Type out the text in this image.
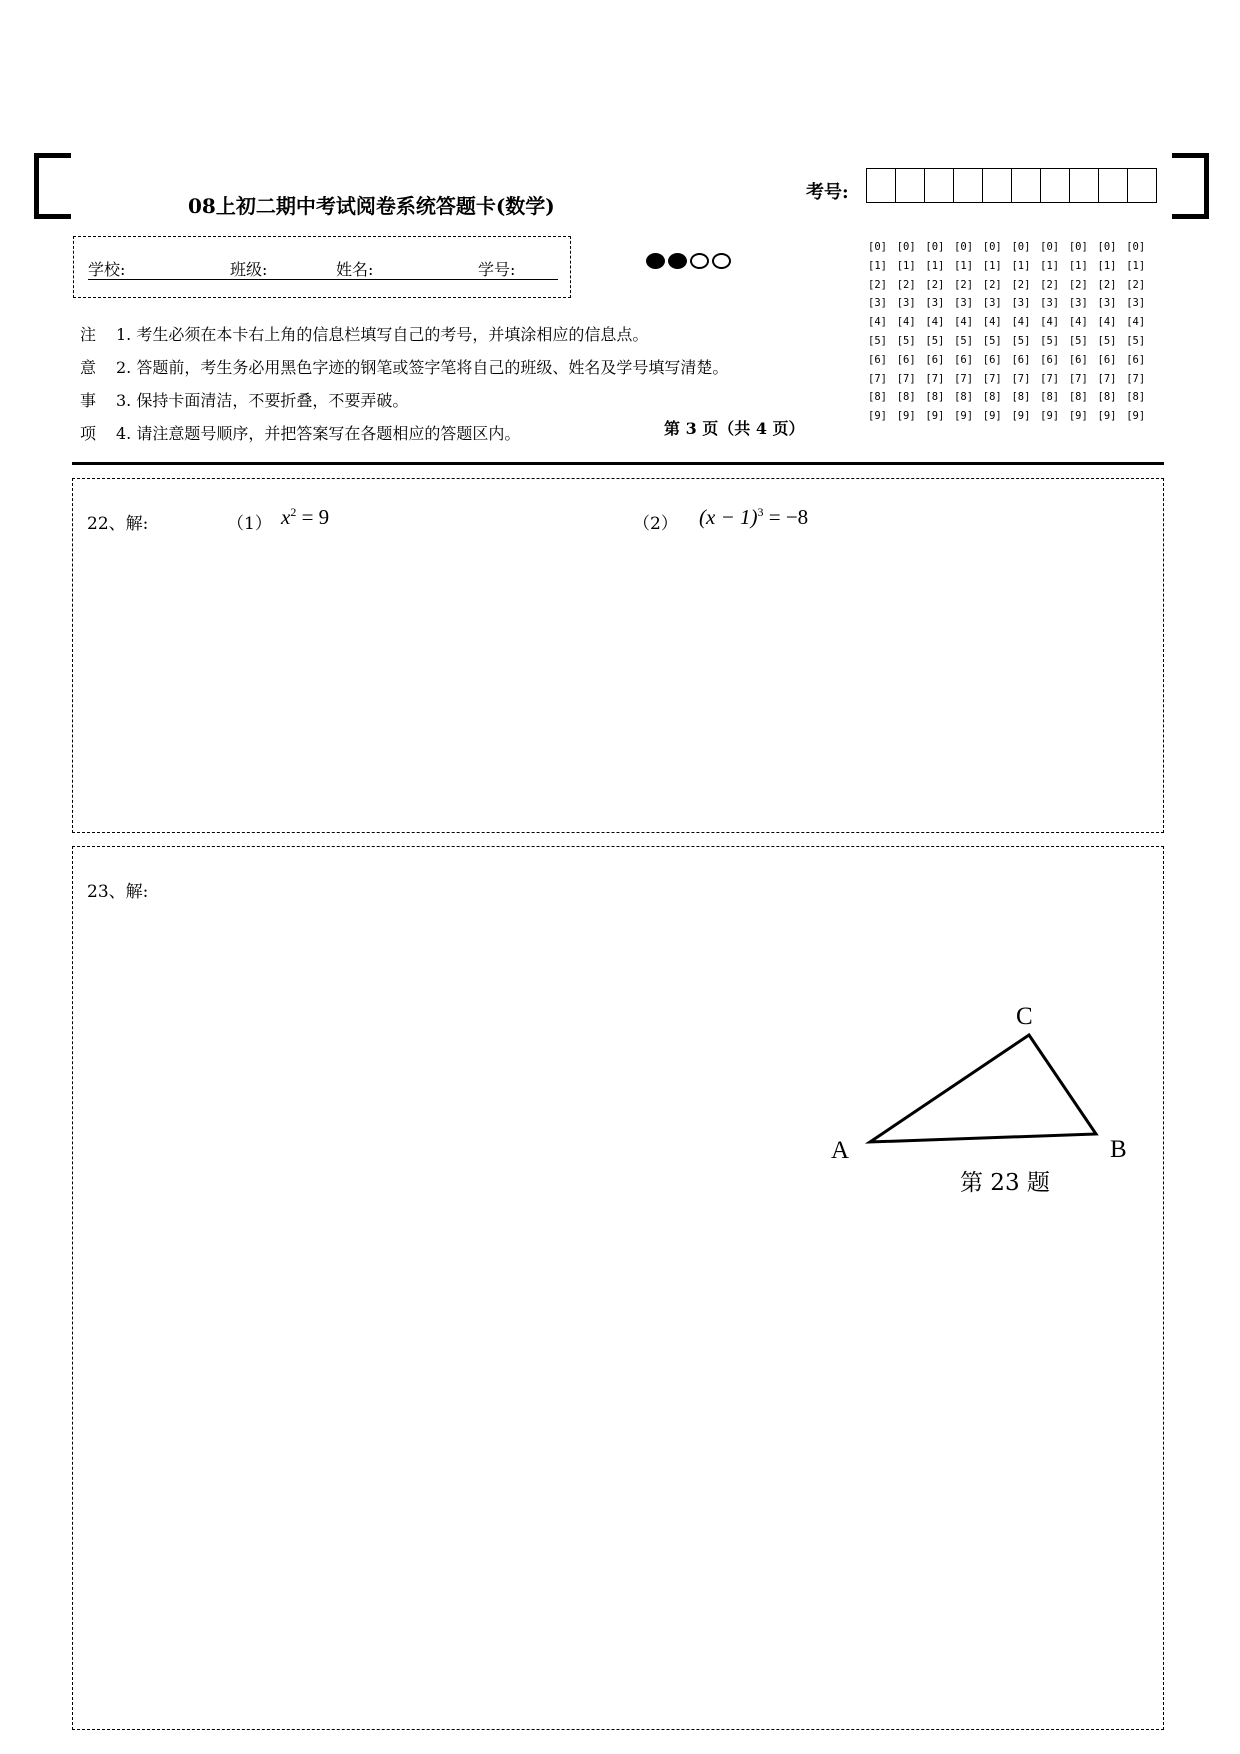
08上初二期中考试阅卷系统答题卡(数学)
考号:
学校:	班级:	姓名:	学号:
[0] [0] [0] [0] [0] [0] [0] [0] [0] [0]
[1] [1] [1] [1] [1] [1] [1] [1] [1] [1]
[2] [2] [2] [2] [2] [2] [2] [2] [2] [2]
[3] [3] [3] [3] [3] [3] [3] [3] [3] [3]
[4] [4] [4] [4] [4] [4] [4] [4] [4] [4]
[5] [5] [5] [5] [5] [5] [5] [5] [5] [5]
[6] [6] [6] [6] [6] [6] [6] [6] [6] [6]
[7] [7] [7] [7] [7] [7] [7] [7] [7] [7]
[8] [8] [8] [8] [8] [8] [8] [8] [8] [8]
[9] [9] [9] [9] [9] [9] [9] [9] [9] [9]
注 1. 考生必须在本卡右上角的信息栏填写自己的考号，并填涂相应的信息点。
意 2. 答题前，考生务必用黑色字迹的钢笔或签字笔将自己的班级、姓名及学号填写清楚。
事 3. 保持卡面清洁，不要折叠，不要弄破。
项 4. 请注意题号顺序，并把答案写在各题相应的答题区内。	第 3 页（共 4 页）
22、解:	（1） $x^2 = 9$	（2） $(x - 1)^3 = -8$
23、解:
A
C
B
第 23 题
